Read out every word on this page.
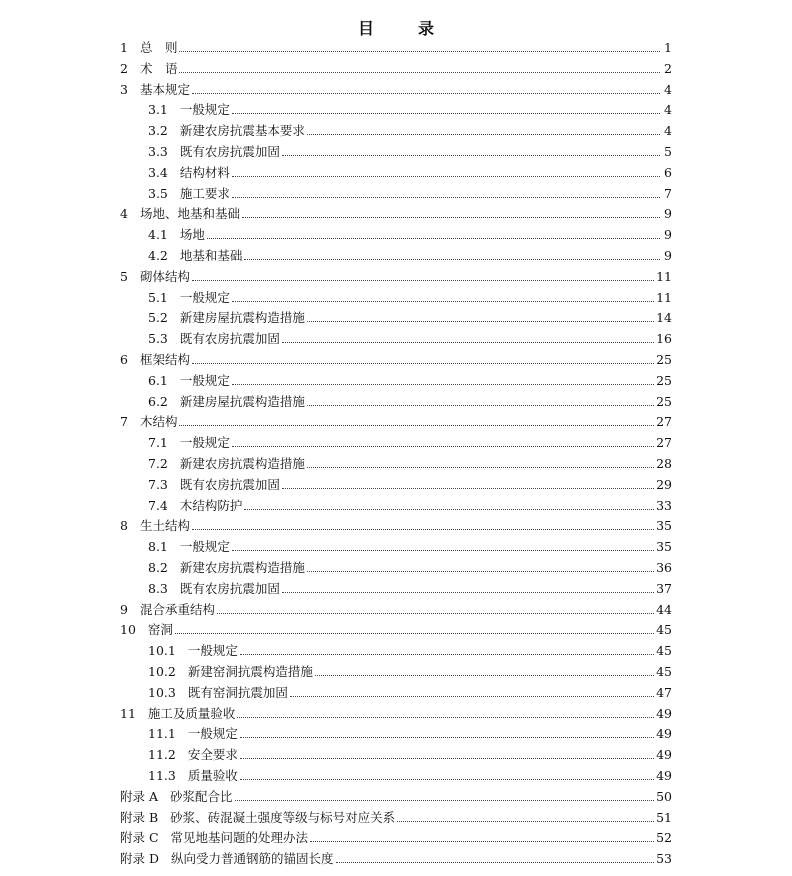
目　录
1 总　则	1
2 术　语	2
3 基本规定	4
3.1 一般规定	4
3.2 新建农房抗震基本要求	4
3.3 既有农房抗震加固	5
3.4 结构材料	6
3.5 施工要求	7
4 场地、地基和基础	9
4.1 场地	9
4.2 地基和基础	9
5 砌体结构	11
5.1 一般规定	11
5.2 新建房屋抗震构造措施	14
5.3 既有农房抗震加固	16
6 框架结构	25
6.1 一般规定	25
6.2 新建房屋抗震构造措施	25
7 木结构	27
7.1 一般规定	27
7.2 新建农房抗震构造措施	28
7.3 既有农房抗震加固	29
7.4 木结构防护	33
8 生土结构	35
8.1 一般规定	35
8.2 新建农房抗震构造措施	36
8.3 既有农房抗震加固	37
9 混合承重结构	44
10 窑洞	45
10.1 一般规定	45
10.2 新建窑洞抗震构造措施	45
10.3 既有窑洞抗震加固	47
11 施工及质量验收	49
11.1 一般规定	49
11.2 安全要求	49
11.3 质量验收	49
附录 A 砂浆配合比	50
附录 B 砂浆、砖混凝土强度等级与标号对应关系	51
附录 C 常见地基问题的处理办法	52
附录 D 纵向受力普通钢筋的锚固长度	53
